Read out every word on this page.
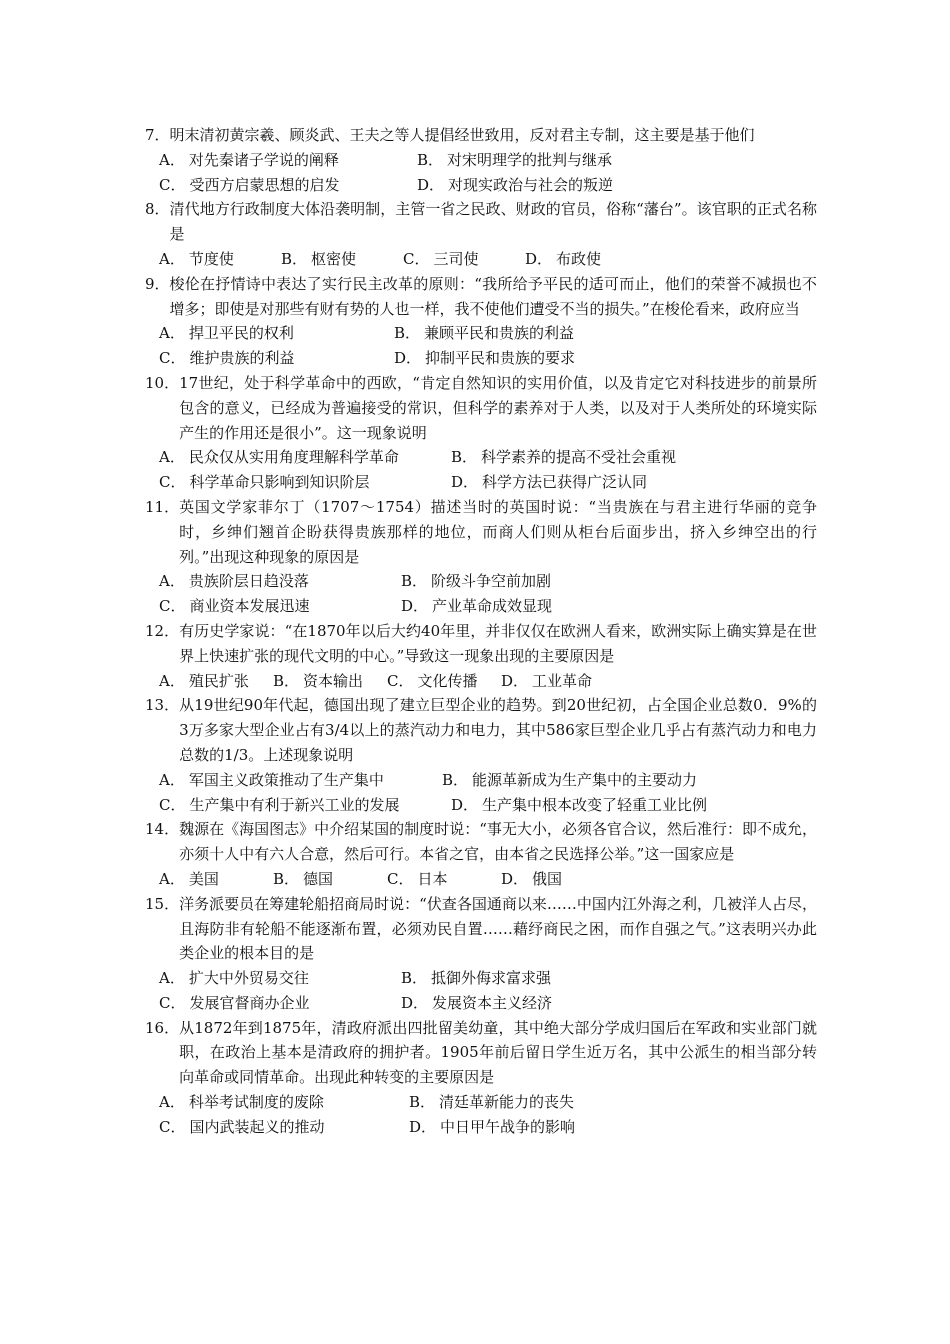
7． 明末清初黄宗羲、顾炎武、王夫之等人提倡经世致用，反对君主专制，这主要是基于他们
A． 对先秦诸子学说的阐释	B． 对宋明理学的批判与继承
C． 受西方启蒙思想的启发	D． 对现实政治与社会的叛逆
8． 清代地方行政制度大体沿袭明制，主管一省之民政、财政的官员，俗称“藩台”。该官职的正式名称是
A． 节度使	B． 枢密使	C． 三司使	D． 布政使
9． 梭伦在抒情诗中表达了实行民主改革的原则：“我所给予平民的适可而止，他们的荣誉不减损也不增多；即使是对那些有财有势的人也一样，我不使他们遭受不当的损失。”在梭伦看来，政府应当
A． 捍卫平民的权利	B． 兼顾平民和贵族的利益
C． 维护贵族的利益	D． 抑制平民和贵族的要求
10． 17世纪，处于科学革命中的西欧，“肯定自然知识的实用价值，以及肯定它对科技进步的前景所包含的意义，已经成为普遍接受的常识，但科学的素养对于人类，以及对于人类所处的环境实际产生的作用还是很小”。这一现象说明
A． 民众仅从实用角度理解科学革命	B． 科学素养的提高不受社会重视
C． 科学革命只影响到知识阶层	D． 科学方法已获得广泛认同
11． 英国文学家菲尔丁（1707～1754）描述当时的英国时说：“当贵族在与君主进行华丽的竞争时，乡绅们翘首企盼获得贵族那样的地位，而商人们则从柜台后面步出，挤入乡绅空出的行列。”出现这种现象的原因是
A． 贵族阶层日趋没落	B． 阶级斗争空前加剧
C． 商业资本发展迅速	D． 产业革命成效显现
12． 有历史学家说：“在1870年以后大约40年里，并非仅仅在欧洲人看来，欧洲实际上确实算是在世界上快速扩张的现代文明的中心。”导致这一现象出现的主要原因是
A． 殖民扩张	B． 资本输出	C． 文化传播	D． 工业革命
13． 从19世纪90年代起，德国出现了建立巨型企业的趋势。到20世纪初，占全国企业总数0．9%的3万多家大型企业占有3/4以上的蒸汽动力和电力，其中586家巨型企业几乎占有蒸汽动力和电力总数的1/3。上述现象说明
A． 军国主义政策推动了生产集中	B． 能源革新成为生产集中的主要动力
C． 生产集中有利于新兴工业的发展	D． 生产集中根本改变了轻重工业比例
14． 魏源在《海国图志》中介绍某国的制度时说：“事无大小，必须各官合议，然后准行：即不成允，亦须十人中有六人合意，然后可行。本省之官，由本省之民选择公举。”这一国家应是
A． 美国	B． 德国	C． 日本	D． 俄国
15． 洋务派要员在筹建轮船招商局时说：“伏查各国通商以来……中国内江外海之利，几被洋人占尽，且海防非有轮船不能逐渐布置，必须劝民自置……藉纾商民之困，而作自强之气。”这表明兴办此类企业的根本目的是
A． 扩大中外贸易交往	B． 抵御外侮求富求强
C． 发展官督商办企业	D． 发展资本主义经济
16． 从1872年到1875年，清政府派出四批留美幼童，其中绝大部分学成归国后在军政和实业部门就职，在政治上基本是清政府的拥护者。1905年前后留日学生近万名，其中公派生的相当部分转向革命或同情革命。出现此种转变的主要原因是
A． 科举考试制度的废除	B． 清廷革新能力的丧失
C． 国内武装起义的推动	D． 中日甲午战争的影响
